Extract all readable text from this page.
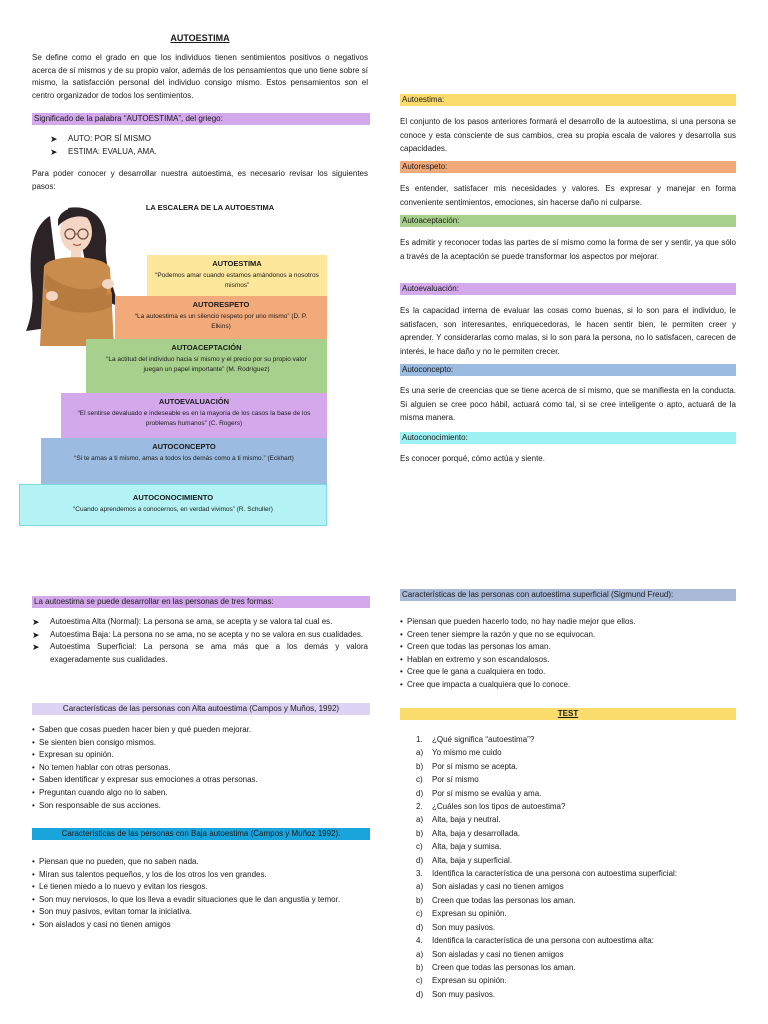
AUTOESTIMA
Se define como el grado en que los individuos tienen sentimientos positivos o negativos acerca de sí mismos y de su propio valor, además de los pensamientos que uno tiene sobre sí mismo, la satisfacción personal del individuo consigo mismo. Estos pensamientos son el centro organizador de todos los sentimientos.
Significado de la palabra “AUTOESTIMA”, del griego:
➤ AUTO: POR SÍ MISMO
➤ ESTIMA: EVALUA, AMA.
Para poder conocer y desarrollar nuestra autoestima, es necesario revisar los siguientes pasos:
LA ESCALERA DE LA AUTOESTIMA
AUTOESTIMA
“Podemos amar cuando estamos amándonos a nosotros mismos”
AUTORESPETO
“La autoestima es un silencio respeto por uno mismo” (D. P. Elkins)
AUTOACEPTACIÓN
“La actitud del individuo hacia sí mismo y el precio por su propio valor juegan un papel importante” (M. Rodríguez)
AUTOEVALUACIÓN
“El sentirse devaluado e indeseable es en la mayoría de los casos la base de los problemas humanos” (C. Rogers)
AUTOCONCEPTO
“Si te amas a ti mismo, amas a todos los demás como a ti mismo.” (Eckhart)
AUTOCONOCIMIENTO
“Cuando aprendemos a conocernos, en verdad vivimos” (R. Schuller)
Autoestima:
El conjunto de los pasos anteriores formará el desarrollo de la autoestima, si una persona se conoce y esta consciente de sus cambios, crea su propia escala de valores y desarrolla sus capacidades.
Autorespeto:
Es entender, satisfacer mis necesidades y valores. Es expresar y manejar en forma conveniente sentimientos, emociones, sin hacerse daño ni culparse.
Autoaceptación:
Es admitir y reconocer todas las partes de sí mismo como la forma de ser y sentir, ya que sólo a través de la aceptación se puede transformar los aspectos por mejorar.
Autoevaluación:
Es la capacidad interna de evaluar las cosas como buenas, si lo son para el individuo, le satisfacen, son interesantes, enriquecedoras, le hacen sentir bien, le permiten creer y aprender. Y considerarlas como malas, si lo son para la persona, no lo satisfacen, carecen de interés, le hace daño y no le permiten crecer.
Autoconcepto:
Es una serie de creencias que se tiene acerca de sí mismo, que se manifiesta en la conducta. Si alguien se cree poco hábil, actuará como tal, si se cree inteligente o apto, actuará de la misma manera.
Autoconocimiento:
Es conocer porqué, cómo actúa y siente.
La autoestima se puede desarrollar en las personas de tres formas:
➤ Autoestima Alta (Normal): La persona se ama, se acepta y se valora tal cual es.
➤ Autoestima Baja: La persona no se ama, no se acepta y no se valora en sus cualidades.
➤ Autoestima Superficial: La persona se ama más que a los demás y valora exageradamente sus cualidades.
Características de las personas con Alta autoestima (Campos y Muños, 1992)
• Saben que cosas pueden hacer bien y qué pueden mejorar.
• Se sienten bien consigo mismos.
• Expresan su opinión.
• No temen hablar con otras personas.
• Saben identificar y expresar sus emociones a otras personas.
• Preguntan cuando algo no lo saben.
• Son responsable de sus acciones.
Características de las personas con Baja autoestima (Campos y Muñoz 1992).
• Piensan que no pueden, que no saben nada.
• Miran sus talentos pequeños, y los de los otros los ven grandes.
• Le tienen miedo a lo nuevo y evitan los riesgos.
• Son muy nerviosos, lo que los lleva a evadir situaciones que le dan angustia y temor.
• Son muy pasivos, evitan tomar la iniciativa.
• Son aislados y casi no tienen amigos
Características de las personas con autoestima superficial (Sigmund Freud):
• Piensan que pueden hacerlo todo, no hay nadie mejor que ellos.
• Creen tener siempre la razón y que no se equivocan.
• Creen que todas las personas los aman.
• Hablan en extremo y son escandalosos.
• Cree que le gana a cualquiera en todo.
• Cree que impacta a cualquiera que lo conoce.
TEST
1. ¿Qué significa “autoestima”?
a) Yo mismo me cuido
b) Por sí mismo se acepta.
c) Por sí mismo
d) Por sí mismo se evalúa y ama.
2. ¿Cuáles son los tipos de autoestima?
a) Alta, baja y neutral.
b) Alta, baja y desarrollada.
c) Alta, baja y sumisa.
d) Alta, baja y superficial.
3. Identifica la característica de una persona con autoestima superficial:
a) Son aisladas y casi no tienen amigos
b) Creen que todas las personas los aman.
c) Expresan su opinión.
d) Son muy pasivos.
4. Identifica la característica de una persona con autoestima alta:
a) Son aisladas y casi no tienen amigos
b) Creen que todas las personas los aman.
c) Expresan su opinión.
d) Son muy pasivos.
